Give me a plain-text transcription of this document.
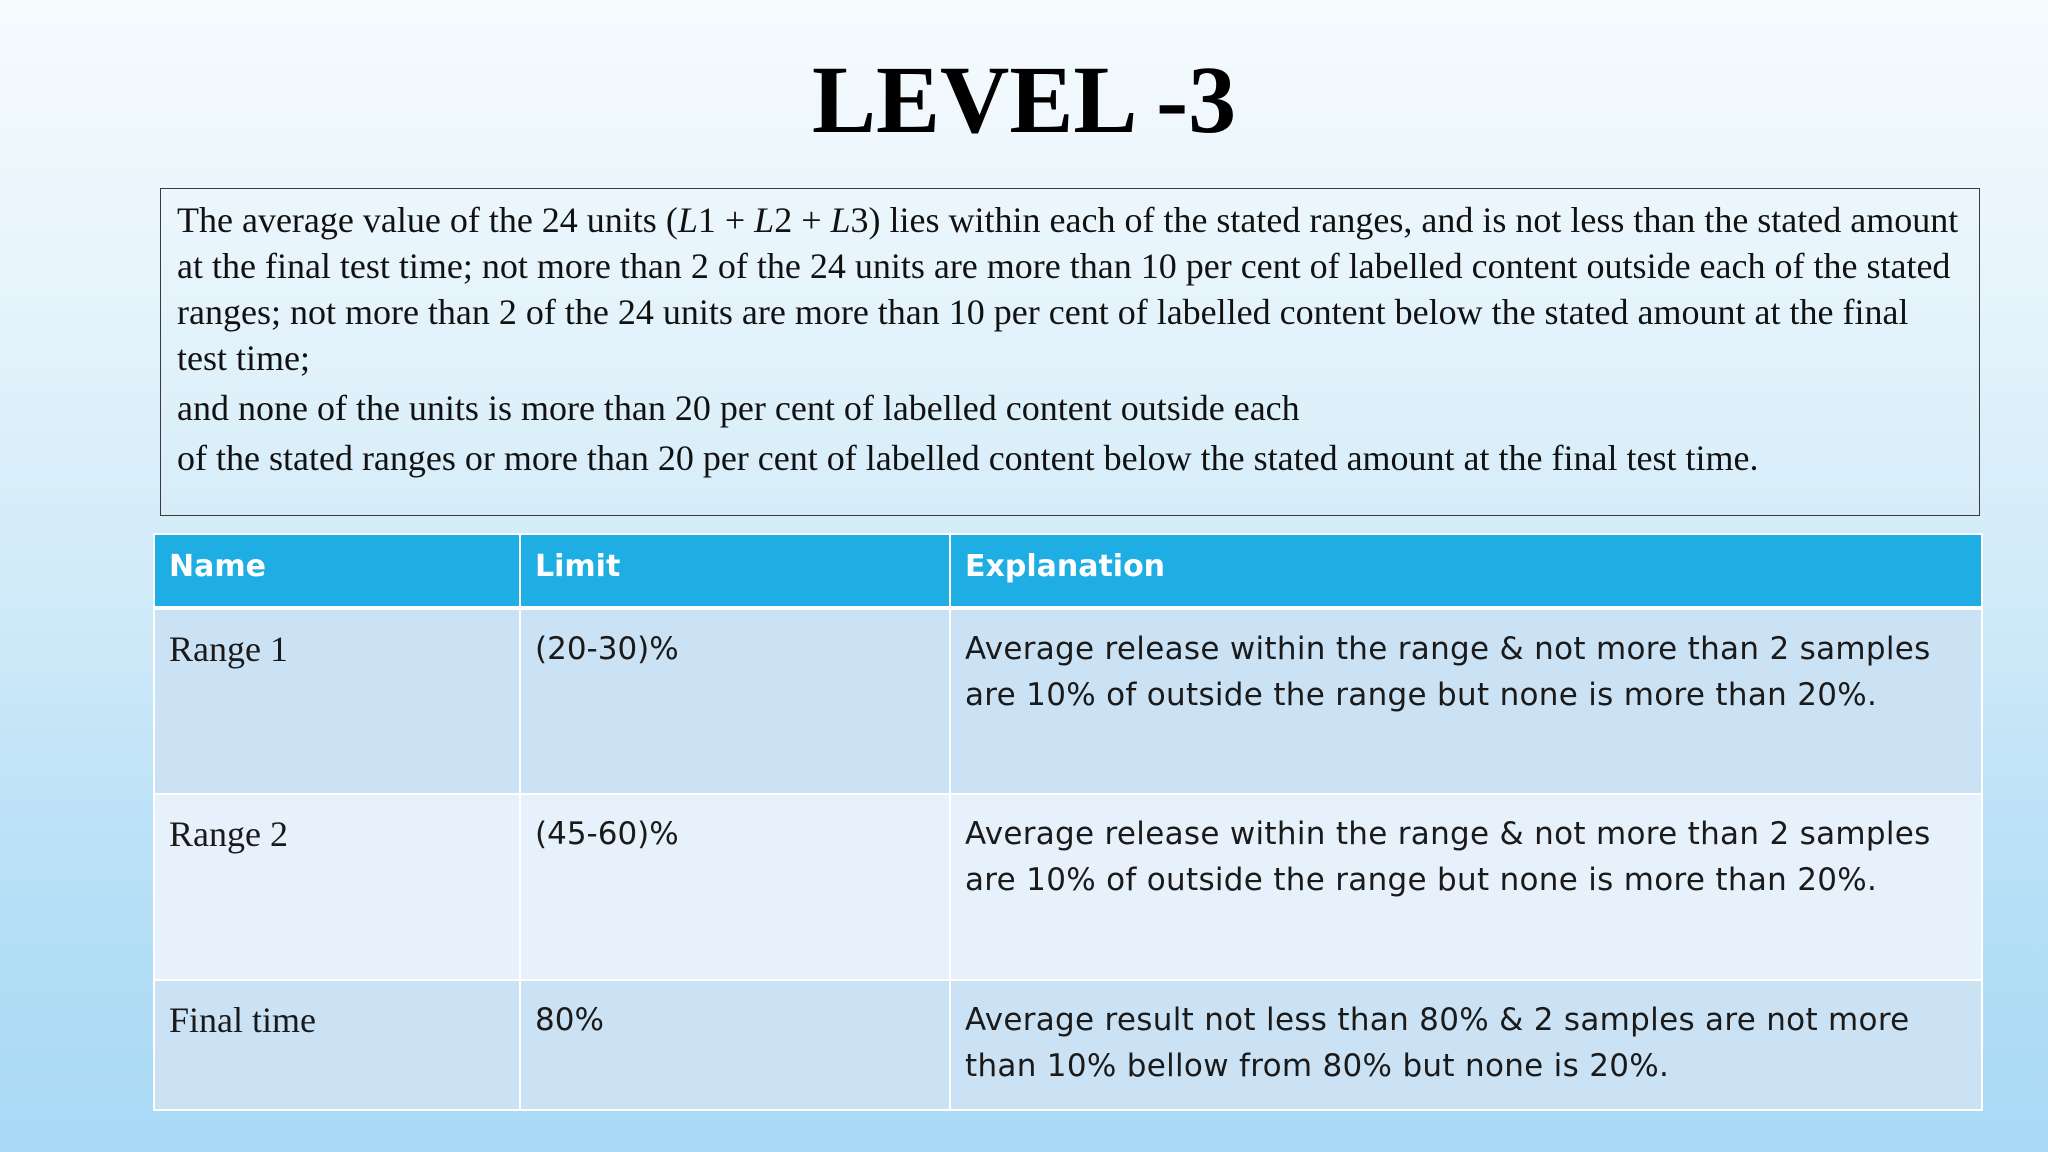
LEVEL -3

The average value of the 24 units (L1 + L2 + L3) lies within each of the stated ranges, and is not less than the stated amount at the final test time; not more than 2 of the 24 units are more than 10 per cent of labelled content outside each of the stated ranges; not more than 2 of the 24 units are more than 10 per cent of labelled content below the stated amount at the final test time;

and none of the units is more than 20 per cent of labelled content outside each

of the stated ranges or more than 20 per cent of labelled content below the stated amount at the final test time.

Name	Limit	Explanation
Range 1	(20-30)%	Average release within the range & not more than 2 samples are 10% of outside the range but none is more than 20%.
Range 2	(45-60)%	Average release within the range & not more than 2 samples are 10% of outside the range but none is more than 20%.
Final time	80%	Average result not less than 80% & 2 samples are not more than 10% bellow from 80% but none is 20%.
